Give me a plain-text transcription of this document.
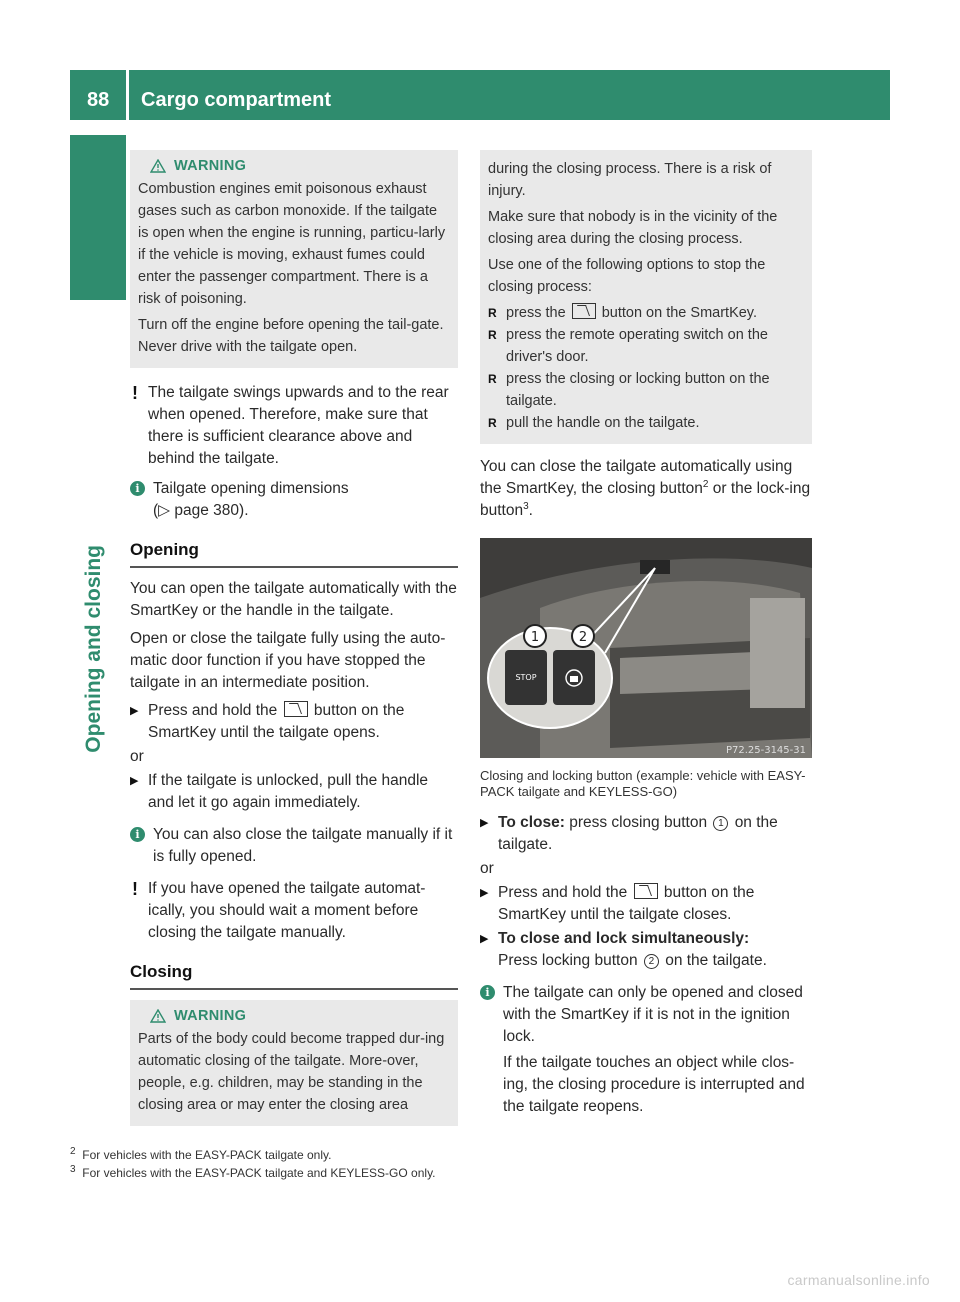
88 Cargo compartment
Opening and closing
WARNING
Combustion engines emit poisonous exhaust gases such as carbon monoxide. If the tailgate is open when the engine is running, particu-larly if the vehicle is moving, exhaust fumes could enter the passenger compartment. There is a risk of poisoning.
Turn off the engine before opening the tail-gate. Never drive with the tailgate open.
! The tailgate swings upwards and to the rear when opened. Therefore, make sure that there is sufficient clearance above and behind the tailgate.
i Tailgate opening dimensions
(▷ page 380).
Opening
You can open the tailgate automatically with the SmartKey or the handle in the tailgate.
Open or close the tailgate fully using the auto-matic door function if you have stopped the tailgate in an intermediate position.
▶ Press and hold the button on the SmartKey until the tailgate opens.
or
▶ If the tailgate is unlocked, pull the handle and let it go again immediately.
i You can also close the tailgate manually if it is fully opened.
! If you have opened the tailgate automat-ically, you should wait a moment before closing the tailgate manually.
Closing
WARNING
Parts of the body could become trapped dur-ing automatic closing of the tailgate. More-over, people, e.g. children, may be standing in the closing area or may enter the closing area
during the closing process. There is a risk of injury.
Make sure that nobody is in the vicinity of the closing area during the closing process.
Use one of the following options to stop the closing process:
R press the button on the SmartKey.
R press the remote operating switch on the driver's door.
R press the closing or locking button on the tailgate.
R pull the handle on the tailgate.
You can close the tailgate automatically using the SmartKey, the closing button$^2$ or the lock-ing button$^3$.
STOP
1	2
P72.25-3145-31
Closing and locking button (example: vehicle with EASY-PACK tailgate and KEYLESS-GO)
▶ To close: press closing button 1 on the tailgate.
or
▶ Press and hold the button on the SmartKey until the tailgate closes.
▶ To close and lock simultaneously:
Press locking button 2 on the tailgate.
i The tailgate can only be opened and closed with the SmartKey if it is not in the ignition lock.
If the tailgate touches an object while clos-ing, the closing procedure is interrupted and the tailgate reopens.
$^2$ For vehicles with the EASY-PACK tailgate only.
$^3$ For vehicles with the EASY-PACK tailgate and KEYLESS-GO only.
carmanualsonline.info
